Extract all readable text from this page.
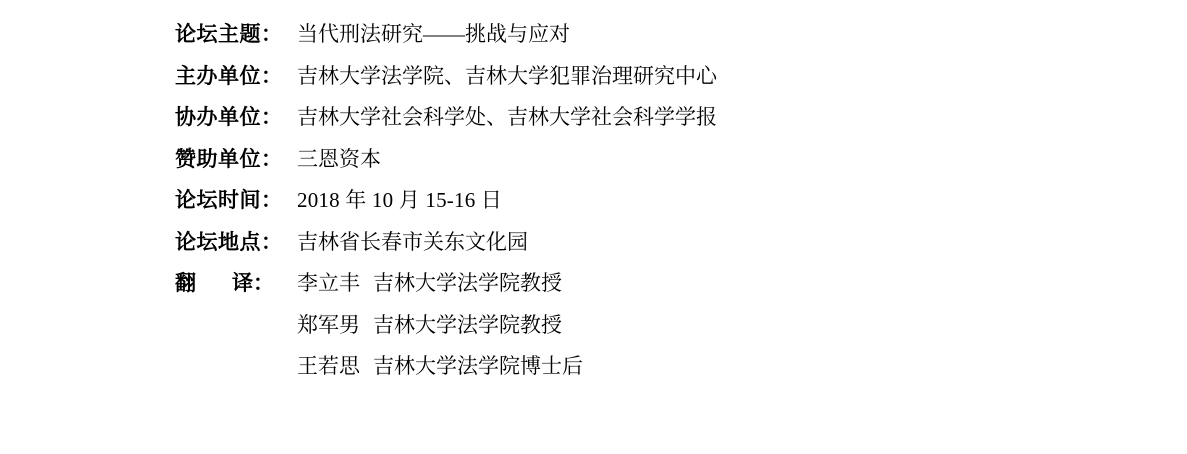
论坛主题： 当代刑法研究——挑战与应对
主办单位： 吉林大学法学院、吉林大学犯罪治理研究中心
协办单位： 吉林大学社会科学处、吉林大学社会科学学报
赞助单位： 三恩资本
论坛时间： 2018 年 10 月 15-16 日
论坛地点： 吉林省长春市关东文化园
翻 译：	李立丰 吉林大学法学院教授
郑军男 吉林大学法学院教授
王若思 吉林大学法学院博士后
